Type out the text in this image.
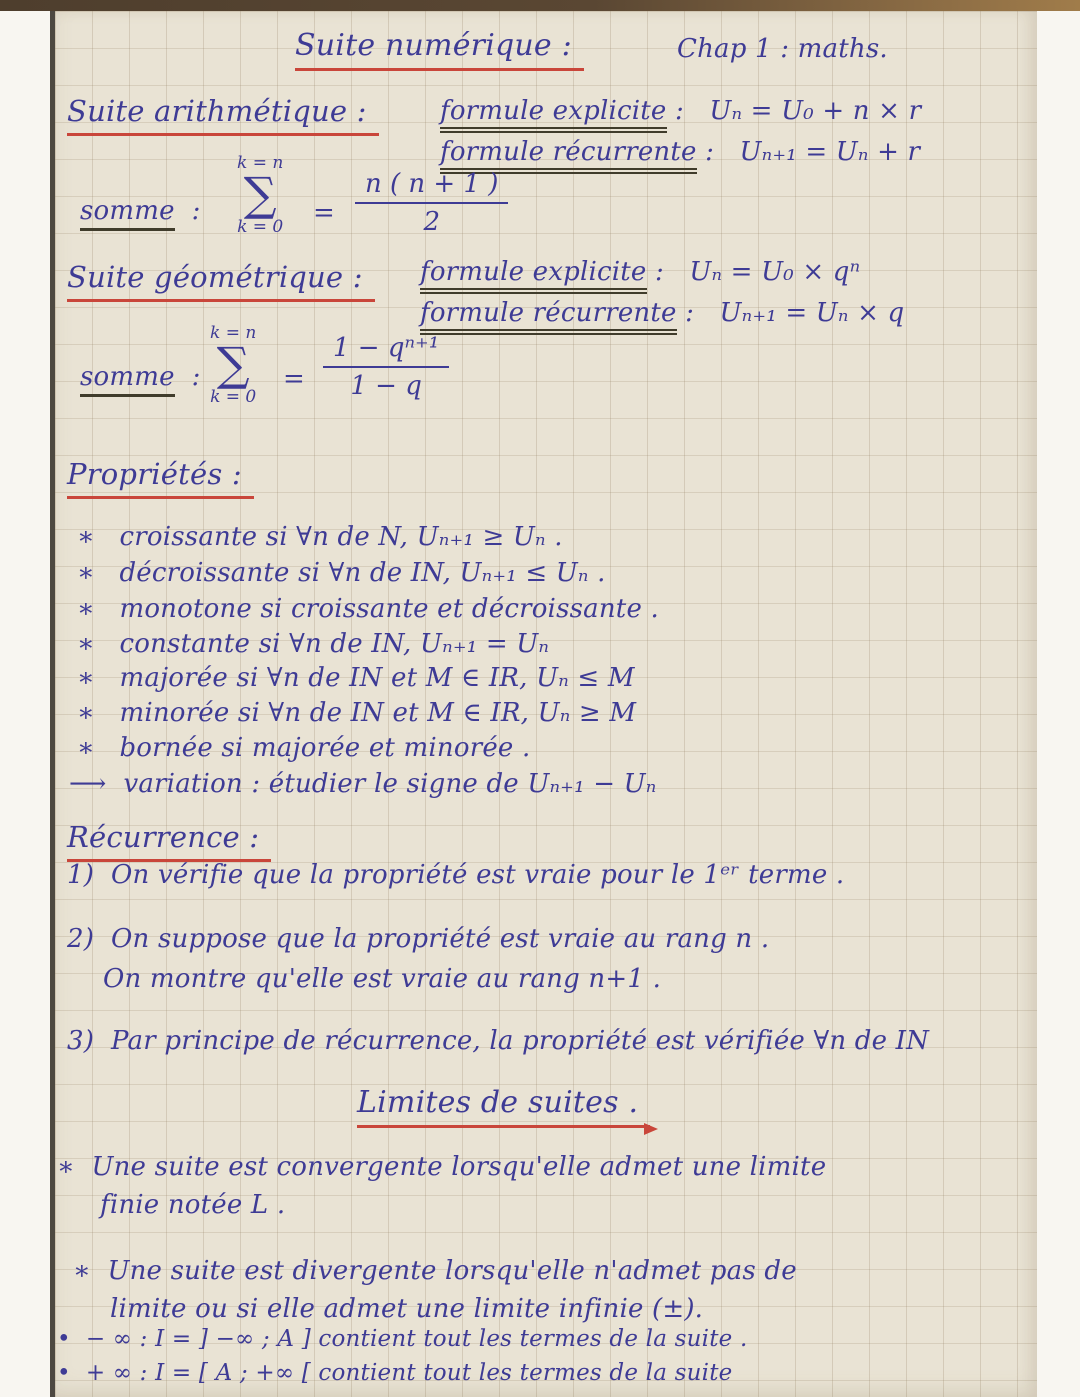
Suite numérique :	Chap 1 : maths.
Suite arithmétique :	formule explicite : Uₙ = U₀ + n × r
formule récurrente : Uₙ₊₁ = Uₙ + r
somme :
k = n
∑
$k = 0 = \frac{n ( n + 1 )}{2}$
Suite géométrique :	formule explicite : Uₙ = U₀ × qⁿ
formule récurrente : Uₙ₊₁ = Uₙ × q
somme :
k = n
∑
k = 0
= $\frac{\text{1 − qⁿ⁺¹}}{1 - q}$
Propriétés :
∗ croissante si ∀n de N, Uₙ₊₁ ≥ Uₙ .
∗ décroissante si ∀n de IN, Uₙ₊₁ ≤ Uₙ .
∗ monotone si croissante et décroissante .
∗ constante si ∀n de IN, Uₙ₊₁ = Uₙ
∗ majorée si ∀n de IN et M ∈ IR, Uₙ ≤ M
∗ minorée si ∀n de IN et M ∈ IR, Uₙ ≥ M
∗ bornée si majorée et minorée .
⟶ variation : étudier le signe de Uₙ₊₁ − Uₙ
Récurrence :
1) On vérifie que la propriété est vraie pour le 1ᵉʳ terme .
2) On suppose que la propriété est vraie au rang n .
On montre qu'elle est vraie au rang n+1 .
3) Par principe de récurrence, la propriété est vérifiée ∀n de IN
Limites de suites .
∗ Une suite est convergente lorsqu'elle admet une limite
finie notée L .
∗ Une suite est divergente lorsqu'elle n'admet pas de
limite ou si elle admet une limite infinie (±).
• − ∞ : I = ] −∞ ; A ] contient tout les termes de la suite .
• + ∞ : I = [ A ; +∞ [ contient tout les termes de la suite
